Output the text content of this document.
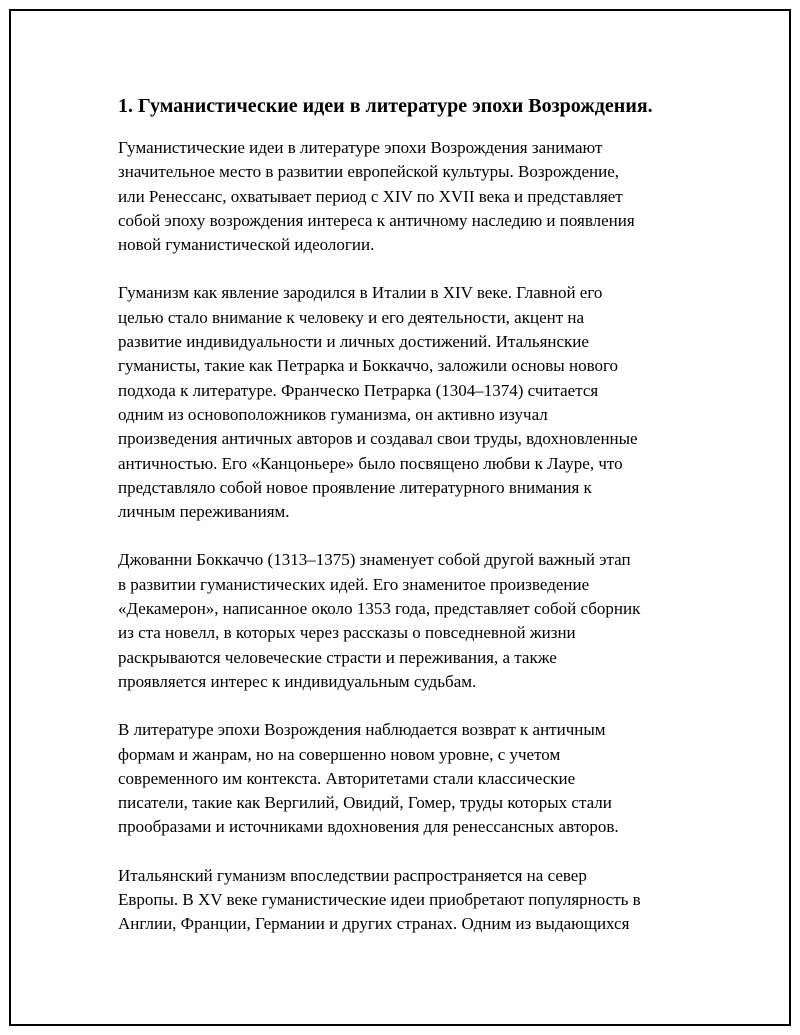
1. Гуманистические идеи в литературе эпохи Возрождения.

Гуманистические идеи в литературе эпохи Возрождения занимают
значительное место в развитии европейской культуры. Возрождение,
или Ренессанс, охватывает период с XIV по XVII века и представляет
собой эпоху возрождения интереса к античному наследию и появления
новой гуманистической идеологии.

Гуманизм как явление зародился в Италии в XIV веке. Главной его
целью стало внимание к человеку и его деятельности, акцент на
развитие индивидуальности и личных достижений. Итальянские
гуманисты, такие как Петрарка и Боккаччо, заложили основы нового
подхода к литературе. Франческо Петрарка (1304–1374) считается
одним из основоположников гуманизма, он активно изучал
произведения античных авторов и создавал свои труды, вдохновленные
античностью. Его «Канцоньере» было посвящено любви к Лауре, что
представляло собой новое проявление литературного внимания к
личным переживаниям.

Джованни Боккаччо (1313–1375) знаменует собой другой важный этап
в развитии гуманистических идей. Его знаменитое произведение
«Декамерон», написанное около 1353 года, представляет собой сборник
из ста новелл, в которых через рассказы о повседневной жизни
раскрываются человеческие страсти и переживания, а также
проявляется интерес к индивидуальным судьбам.

В литературе эпохи Возрождения наблюдается возврат к античным
формам и жанрам, но на совершенно новом уровне, с учетом
современного им контекста. Авторитетами стали классические
писатели, такие как Вергилий, Овидий, Гомер, труды которых стали
прообразами и источниками вдохновения для ренессансных авторов.

Итальянский гуманизм впоследствии распространяется на север
Европы. В XV веке гуманистические идеи приобретают популярность в
Англии, Франции, Германии и других странах. Одним из выдающихся
